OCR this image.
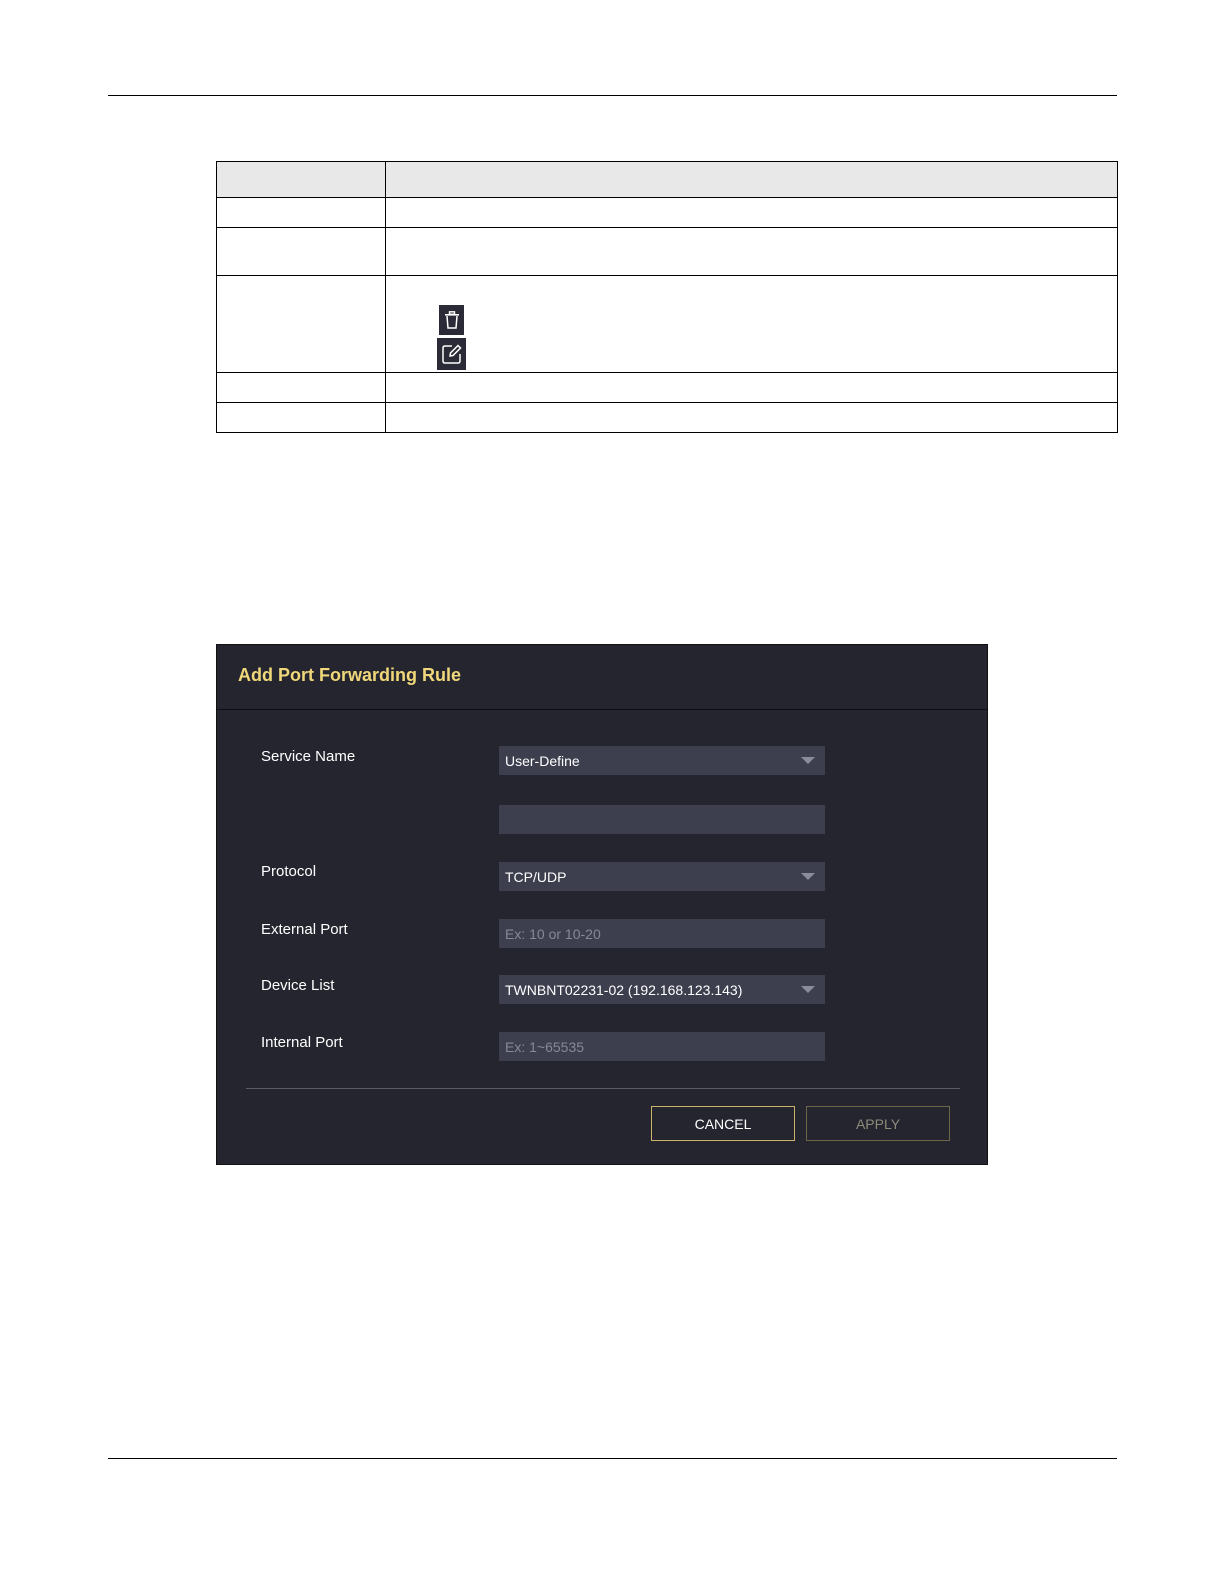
Add Port Forwarding Rule
Service Name	User-Define
Protocol	TCP/UDP
External Port	Ex: 10 or 10-20
Device List	TWNBNT02231-02 (192.168.123.143)
Internal Port	Ex: 1~65535
CANCEL	APPLY
